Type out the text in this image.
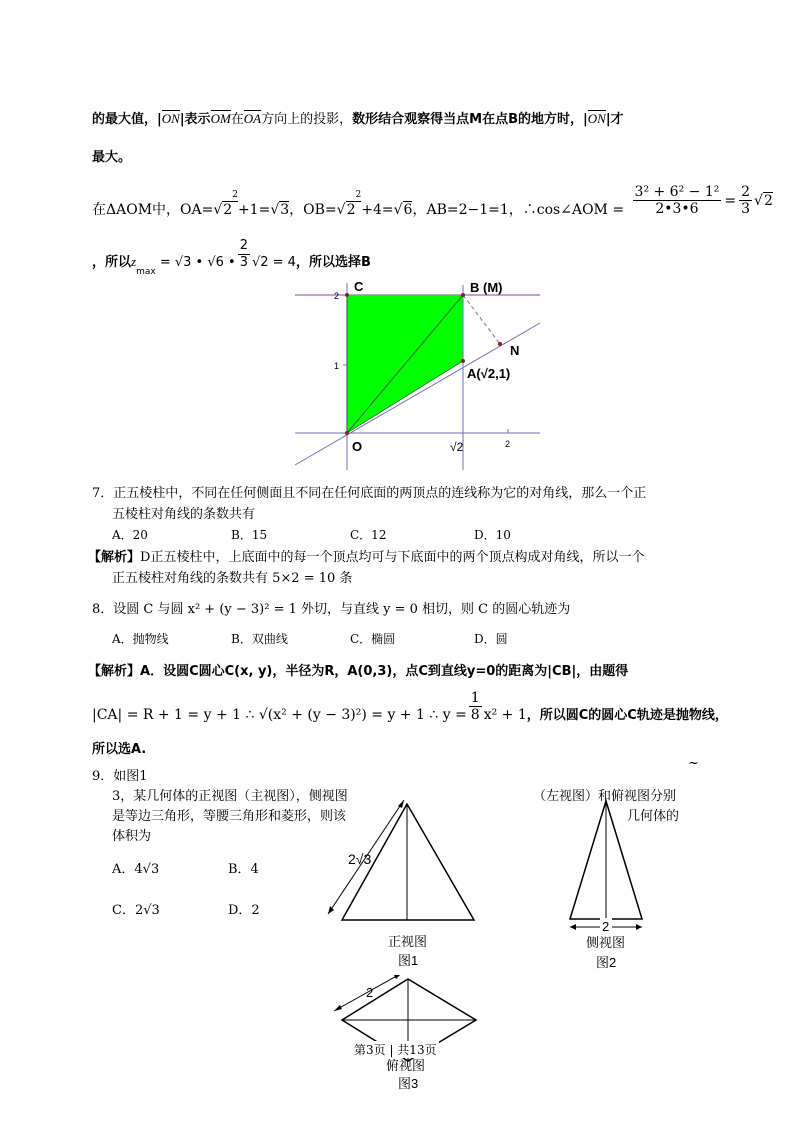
的最大值，|ON|表示OM在OA方向上的投影，数形结合观察得当点M在点B的地方时，|ON|才
最大。
在ΔAOM中，$OA=√2^2+1=√3$，$OB=√2^2+4=√6$，AB=2−1=1，∴cos∠AOM = $\frac{\text{3² + 6² − 1²}}{2•3•6} = \frac{2}{3} √2$
，所以$z_{max} = √3$ • √6 • $\frac{2}{3} √2 = 4$，所以选择B
C	B (M)
N
A(√2,1)
O
2
1
√2	2
7．正五棱柱中，不同在任何侧面且不同在任何底面的两顶点的连线称为它的对角线，那么一个正
五棱柱对角线的条数共有
A．20	B．15	C．12	D．10
【解析】D正五棱柱中，上底面中的每一个顶点均可与下底面中的两个顶点构成对角线，所以一个
正五棱柱对角线的条数共有 5×2 = 10 条
8．设圆 C 与圆 x² + (y − 3)² = 1 外切，与直线 y = 0 相切，则 C 的圆心轨迹为
A．抛物线	B．双曲线	C．椭圆	D．圆
【解析】A．设圆C圆心C(x, y)，半径为R，A(0,3)，点C到直线y=0的距离为|CB|，由题得
|CA| = R + 1 = y + 1 ∴ √(x² + (y − 3)²) = y + 1 ∴ $y = \frac{1}{8} x^2 + 1$，所以圆C的圆心C轨迹是抛物线，
所以选A.
9．如图1
~
3，某几何体的正视图（主视图），侧视图	（左视图）和俯视图分别
是等边三角形，等腰三角形和菱形，则该	几何体的
体积为
A．4√3	B．4
C．2√3	D．2
2√3
正视图
图1
2
侧视图
图2
2
俯视图
图3
第3页 | 共13页
